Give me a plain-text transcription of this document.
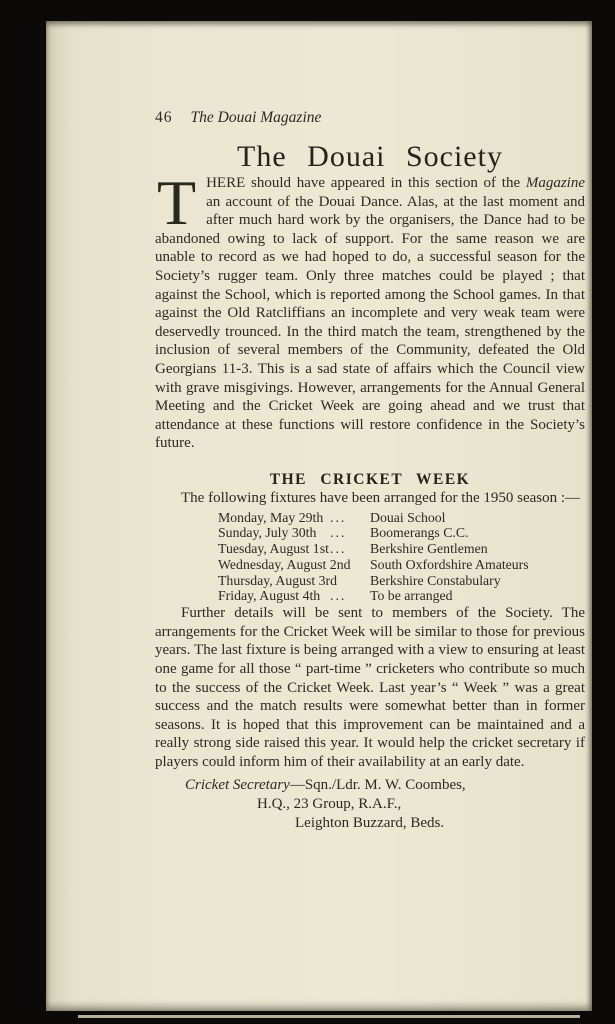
46 The Douai Magazine
The Douai Society

THERE should have appeared in this section of the Magazine an account of the Douai Dance. Alas, at the last moment and after much hard work by the organisers, the Dance had to be abandoned owing to lack of support. For the same reason we are unable to record as we had hoped to do, a successful season for the Society’s rugger team. Only three matches could be played ; that against the School, which is reported among the School games. In that against the Old Ratcliffians an incomplete and very weak team were deservedly trounced. In the third match the team, strengthened by the inclusion of several members of the Community, defeated the Old Georgians 11-3. This is a sad state of affairs which the Council view with grave misgivings. However, arrangements for the Annual General Meeting and the Cricket Week are going ahead and we trust that attendance at these functions will restore confidence in the Society’s future.

THE CRICKET WEEK

The following fixtures have been arranged for the 1950 season :—

Monday, May 29th ...	Douai School
Sunday, July 30th ...	Boomerangs C.C.
Tuesday, August 1st ...	Berkshire Gentlemen
Wednesday, August 2nd South Oxfordshire Amateurs
Thursday, August 3rd Berkshire Constabulary
Friday, August 4th ...	To be arranged

Further details will be sent to members of the Society. The arrangements for the Cricket Week will be similar to those for previous years. The last fixture is being arranged with a view to ensuring at least one game for all those “ part-time ” cricketers who contribute so much to the success of the Cricket Week. Last year’s “ Week ” was a great success and the match results were somewhat better than in former seasons. It is hoped that this improvement can be maintained and a really strong side raised this year. It would help the cricket secretary if players could inform him of their availability at an early date.

Cricket Secretary—Sqn./Ldr. M. W. Coombes,

H.Q., 23 Group, R.A.F.,

Leighton Buzzard, Beds.
